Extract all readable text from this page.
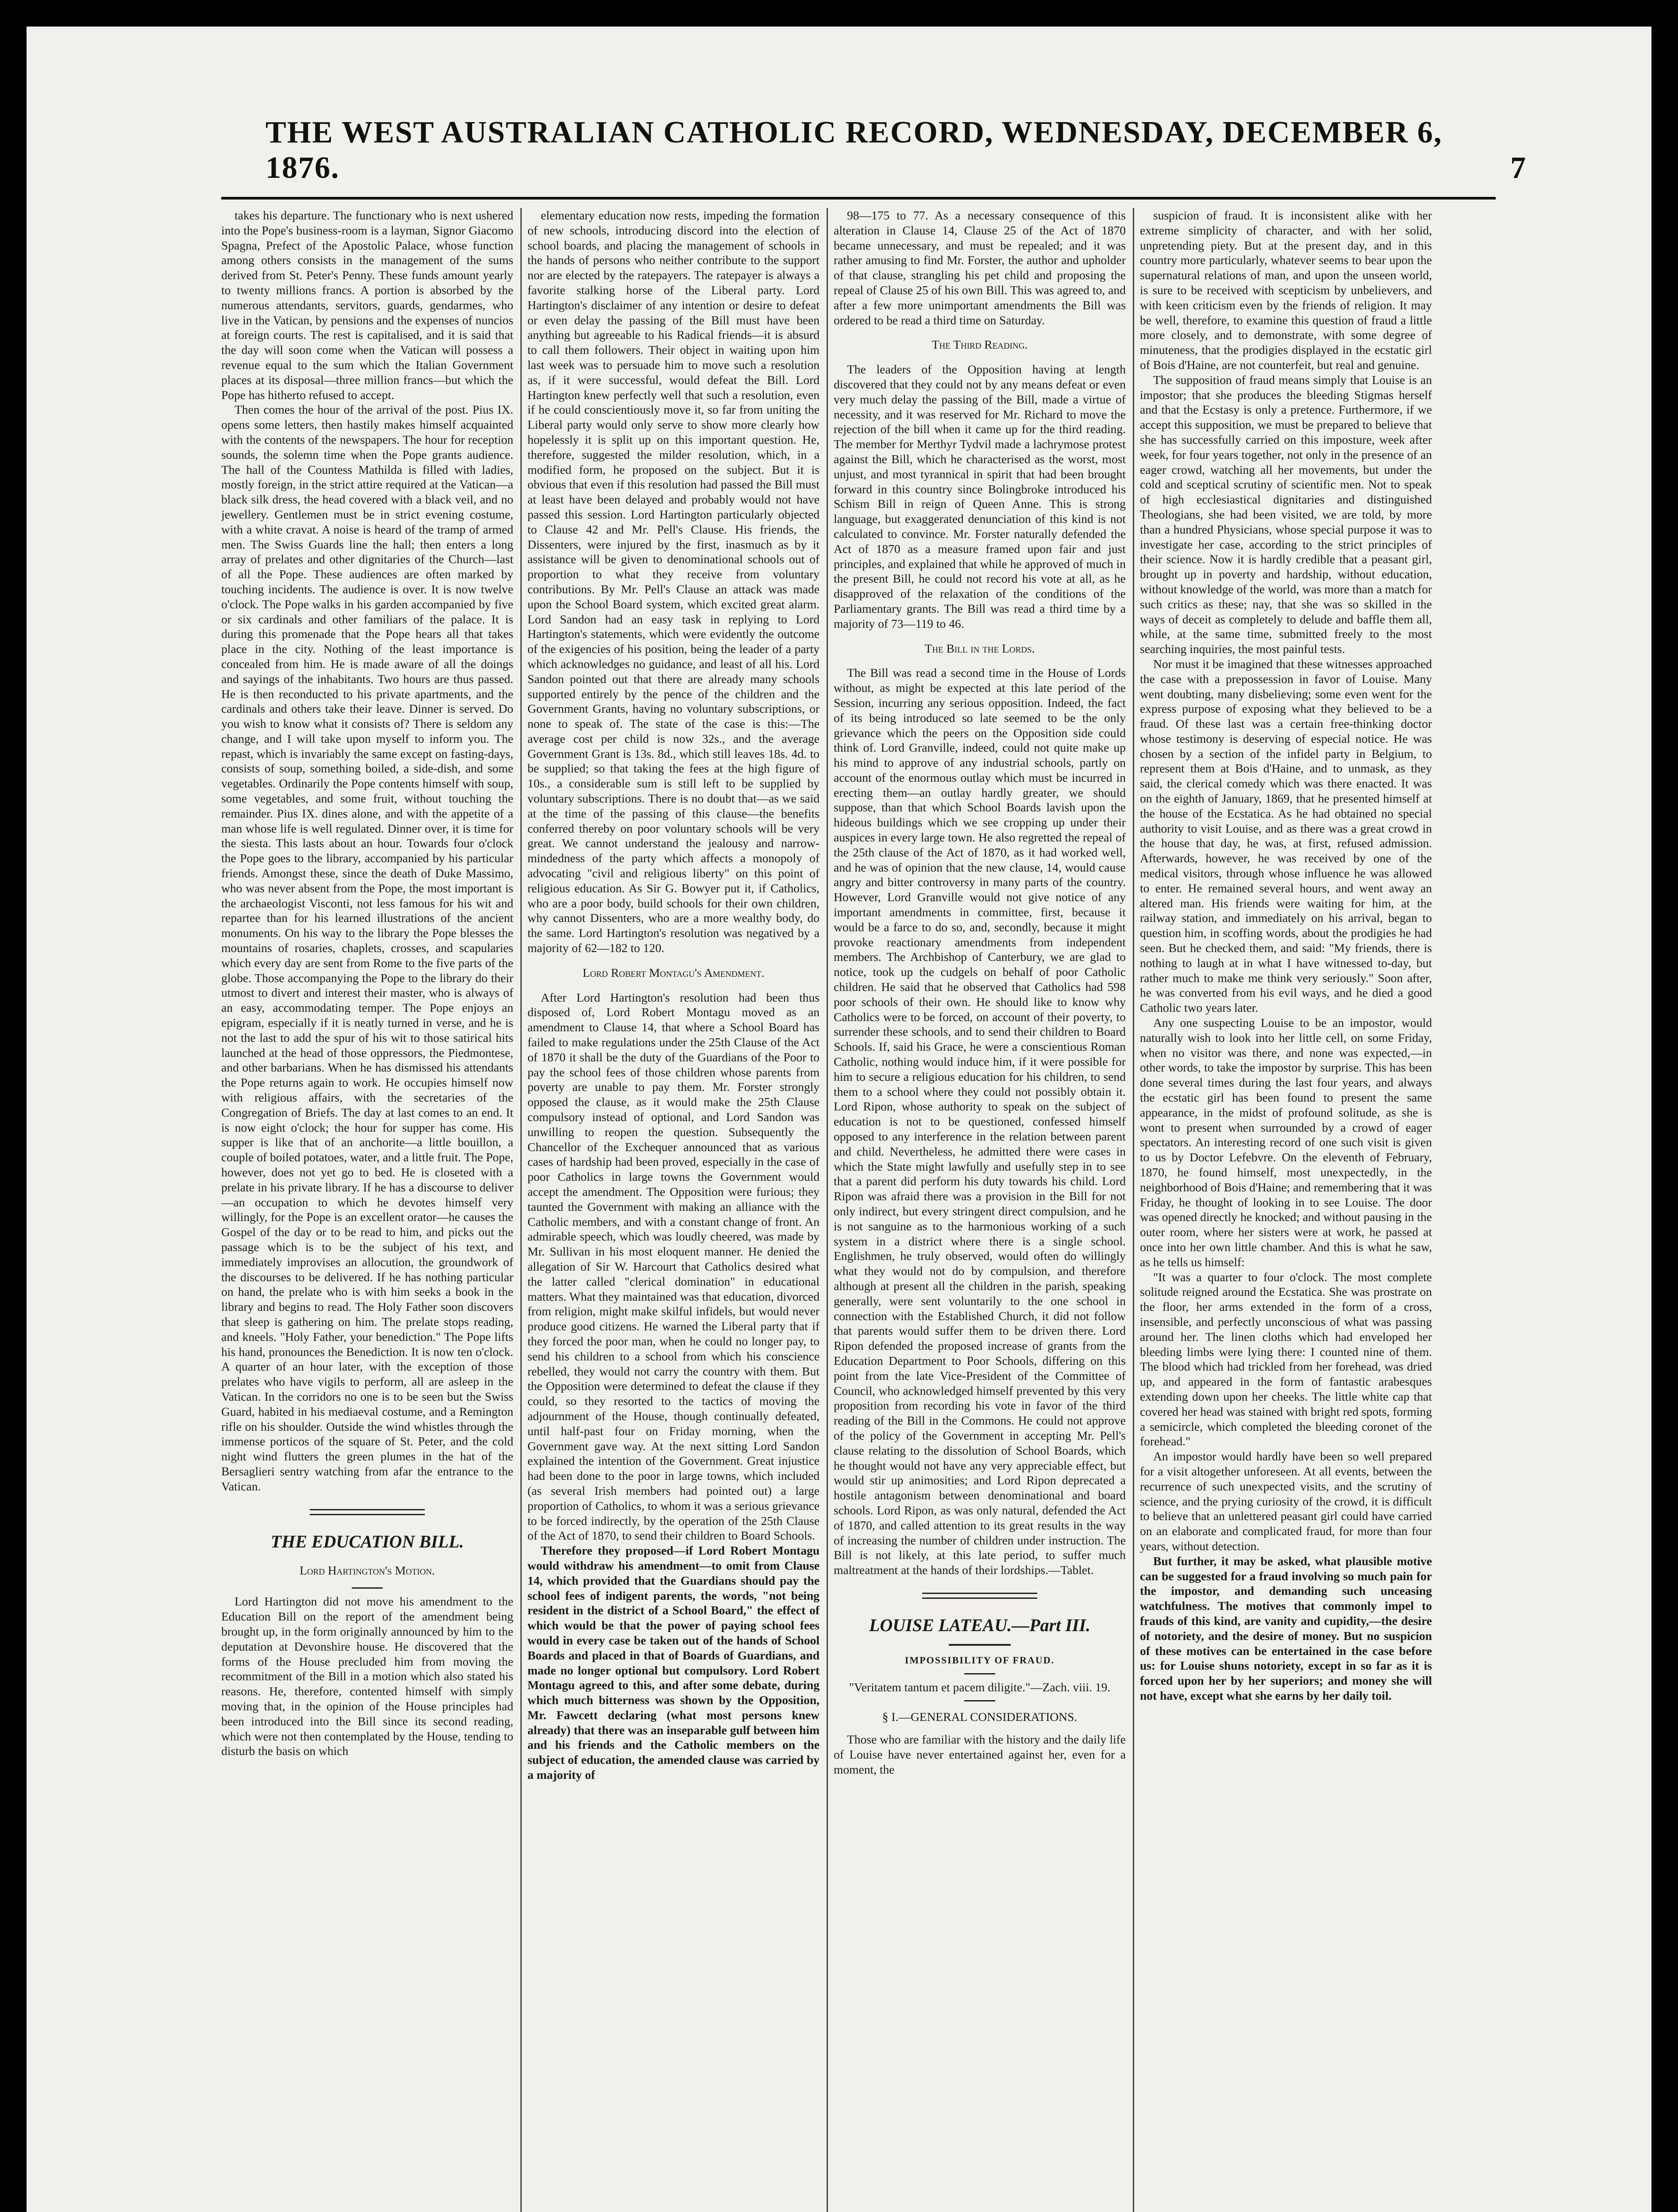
THE WEST AUSTRALIAN CATHOLIC RECORD, WEDNESDAY, DECEMBER 6, 1876.	7

takes his departure. The functionary who is next ushered into the Pope's business-room is a layman, Signor Giacomo Spagna, Prefect of the Apostolic Palace, whose function among others consists in the management of the sums derived from St. Peter's Penny. These funds amount yearly to twenty millions francs. A portion is absorbed by the numerous attendants, servitors, guards, gendarmes, who live in the Vatican, by pensions and the expenses of nuncios at foreign courts. The rest is capitalised, and it is said that the day will soon come when the Vatican will possess a revenue equal to the sum which the Italian Government places at its disposal—three million francs—but which the Pope has hitherto refused to accept.

Then comes the hour of the arrival of the post. Pius IX. opens some letters, then hastily makes himself acquainted with the contents of the newspapers. The hour for reception sounds, the solemn time when the Pope grants audience. The hall of the Countess Mathilda is filled with ladies, mostly foreign, in the strict attire required at the Vatican—a black silk dress, the head covered with a black veil, and no jewellery. Gentlemen must be in strict evening costume, with a white cravat. A noise is heard of the tramp of armed men. The Swiss Guards line the hall; then enters a long array of prelates and other dignitaries of the Church—last of all the Pope. These audiences are often marked by touching incidents. The audience is over. It is now twelve o'clock. The Pope walks in his garden accompanied by five or six cardinals and other familiars of the palace. It is during this promenade that the Pope hears all that takes place in the city. Nothing of the least importance is concealed from him. He is made aware of all the doings and sayings of the inhabitants. Two hours are thus passed. He is then reconducted to his private apartments, and the cardinals and others take their leave. Dinner is served. Do you wish to know what it consists of? There is seldom any change, and I will take upon myself to inform you. The repast, which is invariably the same except on fasting-days, consists of soup, something boiled, a side-dish, and some vegetables. Ordinarily the Pope contents himself with soup, some vegetables, and some fruit, without touching the remainder. Pius IX. dines alone, and with the appetite of a man whose life is well regulated. Dinner over, it is time for the siesta. This lasts about an hour. Towards four o'clock the Pope goes to the library, accompanied by his particular friends. Amongst these, since the death of Duke Massimo, who was never absent from the Pope, the most important is the archaeologist Visconti, not less famous for his wit and repartee than for his learned illustrations of the ancient monuments. On his way to the library the Pope blesses the mountains of rosaries, chaplets, crosses, and scapularies which every day are sent from Rome to the five parts of the globe. Those accompanying the Pope to the library do their utmost to divert and interest their master, who is always of an easy, accommodating temper. The Pope enjoys an epigram, especially if it is neatly turned in verse, and he is not the last to add the spur of his wit to those satirical hits launched at the head of those oppressors, the Piedmontese, and other barbarians. When he has dismissed his attendants the Pope returns again to work. He occupies himself now with religious affairs, with the secretaries of the Congregation of Briefs. The day at last comes to an end. It is now eight o'clock; the hour for supper has come. His supper is like that of an anchorite—a little bouillon, a couple of boiled potatoes, water, and a little fruit. The Pope, however, does not yet go to bed. He is closeted with a prelate in his private library. If he has a discourse to deliver—an occupation to which he devotes himself very willingly, for the Pope is an excellent orator—he causes the Gospel of the day or to be read to him, and picks out the passage which is to be the subject of his text, and immediately improvises an allocution, the groundwork of the discourses to be delivered. If he has nothing particular on hand, the prelate who is with him seeks a book in the library and begins to read. The Holy Father soon discovers that sleep is gathering on him. The prelate stops reading, and kneels. "Holy Father, your benediction." The Pope lifts his hand, pronounces the Benediction. It is now ten o'clock. A quarter of an hour later, with the exception of those prelates who have vigils to perform, all are asleep in the Vatican. In the corridors no one is to be seen but the Swiss Guard, habited in his mediaeval costume, and a Remington rifle on his shoulder. Outside the wind whistles through the immense porticos of the square of St. Peter, and the cold night wind flutters the green plumes in the hat of the Bersaglieri sentry watching from afar the entrance to the Vatican.

THE EDUCATION BILL.

Lord Hartington's Motion.

Lord Hartington did not move his amendment to the Education Bill on the report of the amendment being brought up, in the form originally announced by him to the deputation at Devonshire house. He discovered that the forms of the House precluded him from moving the recommitment of the Bill in a motion which also stated his reasons. He, therefore, contented himself with simply moving that, in the opinion of the House principles had been introduced into the Bill since its second reading, which were not then contemplated by the House, tending to disturb the basis on which

elementary education now rests, impeding the formation of new schools, introducing discord into the election of school boards, and placing the management of schools in the hands of persons who neither contribute to the support nor are elected by the ratepayers. The ratepayer is always a favorite stalking horse of the Liberal party. Lord Hartington's disclaimer of any intention or desire to defeat or even delay the passing of the Bill must have been anything but agreeable to his Radical friends—it is absurd to call them followers. Their object in waiting upon him last week was to persuade him to move such a resolution as, if it were successful, would defeat the Bill. Lord Hartington knew perfectly well that such a resolution, even if he could conscientiously move it, so far from uniting the Liberal party would only serve to show more clearly how hopelessly it is split up on this important question. He, therefore, suggested the milder resolution, which, in a modified form, he proposed on the subject. But it is obvious that even if this resolution had passed the Bill must at least have been delayed and probably would not have passed this session. Lord Hartington particularly objected to Clause 42 and Mr. Pell's Clause. His friends, the Dissenters, were injured by the first, inasmuch as by it assistance will be given to denominational schools out of proportion to what they receive from voluntary contributions. By Mr. Pell's Clause an attack was made upon the School Board system, which excited great alarm. Lord Sandon had an easy task in replying to Lord Hartington's statements, which were evidently the outcome of the exigencies of his position, being the leader of a party which acknowledges no guidance, and least of all his. Lord Sandon pointed out that there are already many schools supported entirely by the pence of the children and the Government Grants, having no voluntary subscriptions, or none to speak of. The state of the case is this:—The average cost per child is now 32s., and the average Government Grant is 13s. 8d., which still leaves 18s. 4d. to be supplied; so that taking the fees at the high figure of 10s., a considerable sum is still left to be supplied by voluntary subscriptions. There is no doubt that—as we said at the time of the passing of this clause—the benefits conferred thereby on poor voluntary schools will be very great. We cannot understand the jealousy and narrow-mindedness of the party which affects a monopoly of advocating "civil and religious liberty" on this point of religious education. As Sir G. Bowyer put it, if Catholics, who are a poor body, build schools for their own children, why cannot Dissenters, who are a more wealthy body, do the same. Lord Hartington's resolution was negatived by a majority of 62—182 to 120.

Lord Robert Montagu's Amendment.

After Lord Hartington's resolution had been thus disposed of, Lord Robert Montagu moved as an amendment to Clause 14, that where a School Board has failed to make regulations under the 25th Clause of the Act of 1870 it shall be the duty of the Guardians of the Poor to pay the school fees of those children whose parents from poverty are unable to pay them. Mr. Forster strongly opposed the clause, as it would make the 25th Clause compulsory instead of optional, and Lord Sandon was unwilling to reopen the question. Subsequently the Chancellor of the Exchequer announced that as various cases of hardship had been proved, especially in the case of poor Catholics in large towns the Government would accept the amendment. The Opposition were furious; they taunted the Government with making an alliance with the Catholic members, and with a constant change of front. An admirable speech, which was loudly cheered, was made by Mr. Sullivan in his most eloquent manner. He denied the allegation of Sir W. Harcourt that Catholics desired what the latter called "clerical domination" in educational matters. What they maintained was that education, divorced from religion, might make skilful infidels, but would never produce good citizens. He warned the Liberal party that if they forced the poor man, when he could no longer pay, to send his children to a school from which his conscience rebelled, they would not carry the country with them. But the Opposition were determined to defeat the clause if they could, so they resorted to the tactics of moving the adjournment of the House, though continually defeated, until half-past four on Friday morning, when the Government gave way. At the next sitting Lord Sandon explained the intention of the Government. Great injustice had been done to the poor in large towns, which included (as several Irish members had pointed out) a large proportion of Catholics, to whom it was a serious grievance to be forced indirectly, by the operation of the 25th Clause of the Act of 1870, to send their children to Board Schools.

Therefore they proposed—if Lord Robert Montagu would withdraw his amendment—to omit from Clause 14, which provided that the Guardians should pay the school fees of indigent parents, the words, "not being resident in the district of a School Board," the effect of which would be that the power of paying school fees would in every case be taken out of the hands of School Boards and placed in that of Boards of Guardians, and made no longer optional but compulsory. Lord Robert Montagu agreed to this, and after some debate, during which much bitterness was shown by the Opposition, Mr. Fawcett declaring (what most persons knew already) that there was an inseparable gulf between him and his friends and the Catholic members on the subject of education, the amended clause was carried by a majority of

98—175 to 77. As a necessary consequence of this alteration in Clause 14, Clause 25 of the Act of 1870 became unnecessary, and must be repealed; and it was rather amusing to find Mr. Forster, the author and upholder of that clause, strangling his pet child and proposing the repeal of Clause 25 of his own Bill. This was agreed to, and after a few more unimportant amendments the Bill was ordered to be read a third time on Saturday.

The Third Reading.

The leaders of the Opposition having at length discovered that they could not by any means defeat or even very much delay the passing of the Bill, made a virtue of necessity, and it was reserved for Mr. Richard to move the rejection of the bill when it came up for the third reading. The member for Merthyr Tydvil made a lachrymose protest against the Bill, which he characterised as the worst, most unjust, and most tyrannical in spirit that had been brought forward in this country since Bolingbroke introduced his Schism Bill in reign of Queen Anne. This is strong language, but exaggerated denunciation of this kind is not calculated to convince. Mr. Forster naturally defended the Act of 1870 as a measure framed upon fair and just principles, and explained that while he approved of much in the present Bill, he could not record his vote at all, as he disapproved of the relaxation of the conditions of the Parliamentary grants. The Bill was read a third time by a majority of 73—119 to 46.

The Bill in the Lords.

The Bill was read a second time in the House of Lords without, as might be expected at this late period of the Session, incurring any serious opposition. Indeed, the fact of its being introduced so late seemed to be the only grievance which the peers on the Opposition side could think of. Lord Granville, indeed, could not quite make up his mind to approve of any industrial schools, partly on account of the enormous outlay which must be incurred in erecting them—an outlay hardly greater, we should suppose, than that which School Boards lavish upon the hideous buildings which we see cropping up under their auspices in every large town. He also regretted the repeal of the 25th clause of the Act of 1870, as it had worked well, and he was of opinion that the new clause, 14, would cause angry and bitter controversy in many parts of the country. However, Lord Granville would not give notice of any important amendments in committee, first, because it would be a farce to do so, and, secondly, because it might provoke reactionary amendments from independent members. The Archbishop of Canterbury, we are glad to notice, took up the cudgels on behalf of poor Catholic children. He said that he observed that Catholics had 598 poor schools of their own. He should like to know why Catholics were to be forced, on account of their poverty, to surrender these schools, and to send their children to Board Schools. If, said his Grace, he were a conscientious Roman Catholic, nothing would induce him, if it were possible for him to secure a religious education for his children, to send them to a school where they could not possibly obtain it. Lord Ripon, whose authority to speak on the subject of education is not to be questioned, confessed himself opposed to any interference in the relation between parent and child. Nevertheless, he admitted there were cases in which the State might lawfully and usefully step in to see that a parent did perform his duty towards his child. Lord Ripon was afraid there was a provision in the Bill for not only indirect, but every stringent direct compulsion, and he is not sanguine as to the harmonious working of a such system in a district where there is a single school. Englishmen, he truly observed, would often do willingly what they would not do by compulsion, and therefore although at present all the children in the parish, speaking generally, were sent voluntarily to the one school in connection with the Established Church, it did not follow that parents would suffer them to be driven there. Lord Ripon defended the proposed increase of grants from the Education Department to Poor Schools, differing on this point from the late Vice-President of the Committee of Council, who acknowledged himself prevented by this very proposition from recording his vote in favor of the third reading of the Bill in the Commons. He could not approve of the policy of the Government in accepting Mr. Pell's clause relating to the dissolution of School Boards, which he thought would not have any very appreciable effect, but would stir up animosities; and Lord Ripon deprecated a hostile antagonism between denominational and board schools. Lord Ripon, as was only natural, defended the Act of 1870, and called attention to its great results in the way of increasing the number of children under instruction. The Bill is not likely, at this late period, to suffer much maltreatment at the hands of their lordships.—Tablet.

LOUISE LATEAU.—Part III.

IMPOSSIBILITY OF FRAUD.

"Veritatem tantum et pacem diligite."—Zach. viii. 19.

§ I.—GENERAL CONSIDERATIONS.

Those who are familiar with the history and the daily life of Louise have never entertained against her, even for a moment, the

suspicion of fraud. It is inconsistent alike with her extreme simplicity of character, and with her solid, unpretending piety. But at the present day, and in this country more particularly, whatever seems to bear upon the supernatural relations of man, and upon the unseen world, is sure to be received with scepticism by unbelievers, and with keen criticism even by the friends of religion. It may be well, therefore, to examine this question of fraud a little more closely, and to demonstrate, with some degree of minuteness, that the prodigies displayed in the ecstatic girl of Bois d'Haine, are not counterfeit, but real and genuine.

The supposition of fraud means simply that Louise is an impostor; that she produces the bleeding Stigmas herself and that the Ecstasy is only a pretence. Furthermore, if we accept this supposition, we must be prepared to believe that she has successfully carried on this imposture, week after week, for four years together, not only in the presence of an eager crowd, watching all her movements, but under the cold and sceptical scrutiny of scientific men. Not to speak of high ecclesiastical dignitaries and distinguished Theologians, she had been visited, we are told, by more than a hundred Physicians, whose special purpose it was to investigate her case, according to the strict principles of their science. Now it is hardly credible that a peasant girl, brought up in poverty and hardship, without education, without knowledge of the world, was more than a match for such critics as these; nay, that she was so skilled in the ways of deceit as completely to delude and baffle them all, while, at the same time, submitted freely to the most searching inquiries, the most painful tests.

Nor must it be imagined that these witnesses approached the case with a prepossession in favor of Louise. Many went doubting, many disbelieving; some even went for the express purpose of exposing what they believed to be a fraud. Of these last was a certain free-thinking doctor whose testimony is deserving of especial notice. He was chosen by a section of the infidel party in Belgium, to represent them at Bois d'Haine, and to unmask, as they said, the clerical comedy which was there enacted. It was on the eighth of January, 1869, that he presented himself at the house of the Ecstatica. As he had obtained no special authority to visit Louise, and as there was a great crowd in the house that day, he was, at first, refused admission. Afterwards, however, he was received by one of the medical visitors, through whose influence he was allowed to enter. He remained several hours, and went away an altered man. His friends were waiting for him, at the railway station, and immediately on his arrival, began to question him, in scoffing words, about the prodigies he had seen. But he checked them, and said: "My friends, there is nothing to laugh at in what I have witnessed to-day, but rather much to make me think very seriously." Soon after, he was converted from his evil ways, and he died a good Catholic two years later.

Any one suspecting Louise to be an impostor, would naturally wish to look into her little cell, on some Friday, when no visitor was there, and none was expected,—in other words, to take the impostor by surprise. This has been done several times during the last four years, and always the ecstatic girl has been found to present the same appearance, in the midst of profound solitude, as she is wont to present when surrounded by a crowd of eager spectators. An interesting record of one such visit is given to us by Doctor Lefebvre. On the eleventh of February, 1870, he found himself, most unexpectedly, in the neighborhood of Bois d'Haine; and remembering that it was Friday, he thought of looking in to see Louise. The door was opened directly he knocked; and without pausing in the outer room, where her sisters were at work, he passed at once into her own little chamber. And this is what he saw, as he tells us himself:

"It was a quarter to four o'clock. The most complete solitude reigned around the Ecstatica. She was prostrate on the floor, her arms extended in the form of a cross, insensible, and perfectly unconscious of what was passing around her. The linen cloths which had enveloped her bleeding limbs were lying there: I counted nine of them. The blood which had trickled from her forehead, was dried up, and appeared in the form of fantastic arabesques extending down upon her cheeks. The little white cap that covered her head was stained with bright red spots, forming a semicircle, which completed the bleeding coronet of the forehead."

An impostor would hardly have been so well prepared for a visit altogether unforeseen. At all events, between the recurrence of such unexpected visits, and the scrutiny of science, and the prying curiosity of the crowd, it is difficult to believe that an unlettered peasant girl could have carried on an elaborate and complicated fraud, for more than four years, without detection.

But further, it may be asked, what plausible motive can be suggested for a fraud involving so much pain for the impostor, and demanding such unceasing watchfulness. The motives that commonly impel to frauds of this kind, are vanity and cupidity,—the desire of notoriety, and the desire of money. But no suspicion of these motives can be entertained in the case before us: for Louise shuns notoriety, except in so far as it is forced upon her by her superiors; and money she will not have, except what she earns by her daily toil.
